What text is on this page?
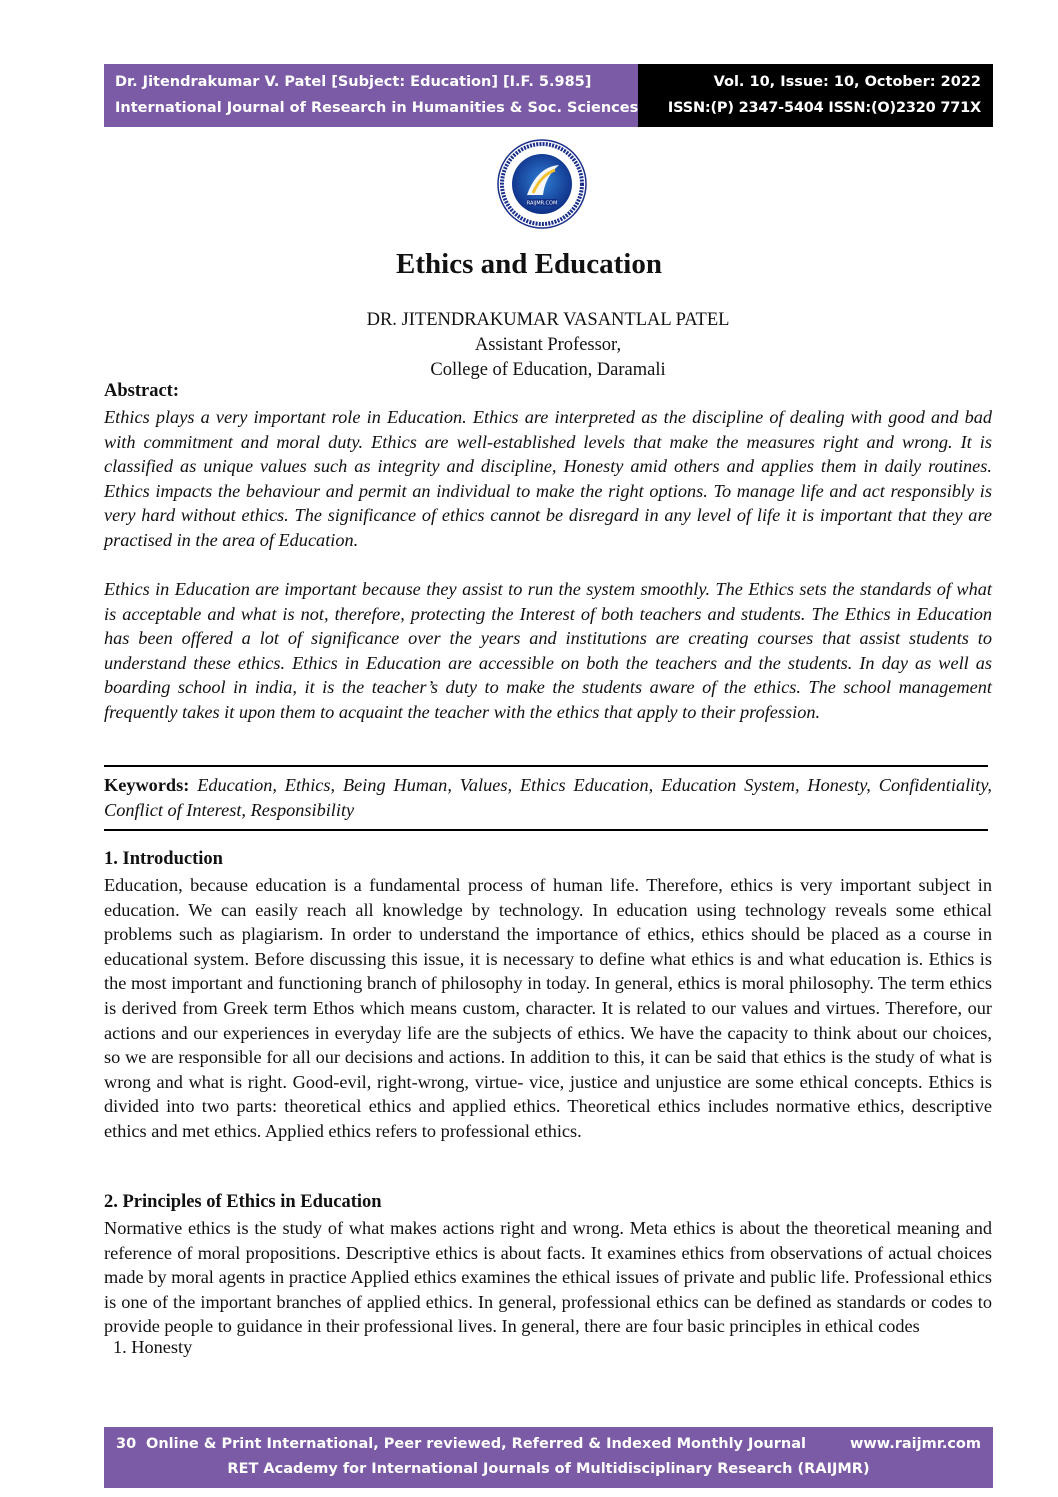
Dr. Jitendrakumar V. Patel [Subject: Education] [I.F. 5.985]
International Journal of Research in Humanities & Soc. Sciences
Vol. 10, Issue: 10, October: 2022
ISSN:(P) 2347-5404 ISSN:(O)2320 771X
RAIJMR.COM
Ethics and Education
DR. JITENDRAKUMAR VASANTLAL PATEL
Assistant Professor,
College of Education, Daramali
Abstract:

Ethics plays a very important role in Education. Ethics are interpreted as the discipline of dealing with good and bad with commitment and moral duty. Ethics are well-established levels that make the measures right and wrong. It is classified as unique values such as integrity and discipline, Honesty amid others and applies them in daily routines. Ethics impacts the behaviour and permit an individual to make the right options. To manage life and act responsibly is very hard without ethics. The significance of ethics cannot be disregard in any level of life it is important that they are practised in the area of Education.

Ethics in Education are important because they assist to run the system smoothly. The Ethics sets the standards of what is acceptable and what is not, therefore, protecting the Interest of both teachers and students. The Ethics in Education has been offered a lot of significance over the years and institutions are creating courses that assist students to understand these ethics. Ethics in Education are accessible on both the teachers and the students. In day as well as boarding school in india, it is the teacher’s duty to make the students aware of the ethics. The school management frequently takes it upon them to acquaint the teacher with the ethics that apply to their profession.

Keywords: Education, Ethics, Being Human, Values, Ethics Education, Education System, Honesty, Confidentiality, Conflict of Interest, Responsibility

1. Introduction

Education, because education is a fundamental process of human life. Therefore, ethics is very important subject in education. We can easily reach all knowledge by technology. In education using technology reveals some ethical problems such as plagiarism. In order to understand the importance of ethics, ethics should be placed as a course in educational system. Before discussing this issue, it is necessary to define what ethics is and what education is. Ethics is the most important and functioning branch of philosophy in today. In general, ethics is moral philosophy. The term ethics is derived from Greek term Ethos which means custom, character. It is related to our values and virtues. Therefore, our actions and our experiences in everyday life are the subjects of ethics. We have the capacity to think about our choices, so we are responsible for all our decisions and actions. In addition to this, it can be said that ethics is the study of what is wrong and what is right. Good-evil, right-wrong, virtue- vice, justice and unjustice are some ethical concepts. Ethics is divided into two parts: theoretical ethics and applied ethics. Theoretical ethics includes normative ethics, descriptive ethics and met ethics. Applied ethics refers to professional ethics.

2. Principles of Ethics in Education

Normative ethics is the study of what makes actions right and wrong. Meta ethics is about the theoretical meaning and reference of moral propositions. Descriptive ethics is about facts. It examines ethics from observations of actual choices made by moral agents in practice Applied ethics examines the ethical issues of private and public life. Professional ethics is one of the important branches of applied ethics. In general, professional ethics can be defined as standards or codes to provide people to guidance in their professional lives. In general, there are four basic principles in ethical codes

1. Honesty
30 Online & Print International, Peer reviewed, Referred & Indexed Monthly Journal	www.raijmr.com
RET Academy for International Journals of Multidisciplinary Research (RAIJMR)
